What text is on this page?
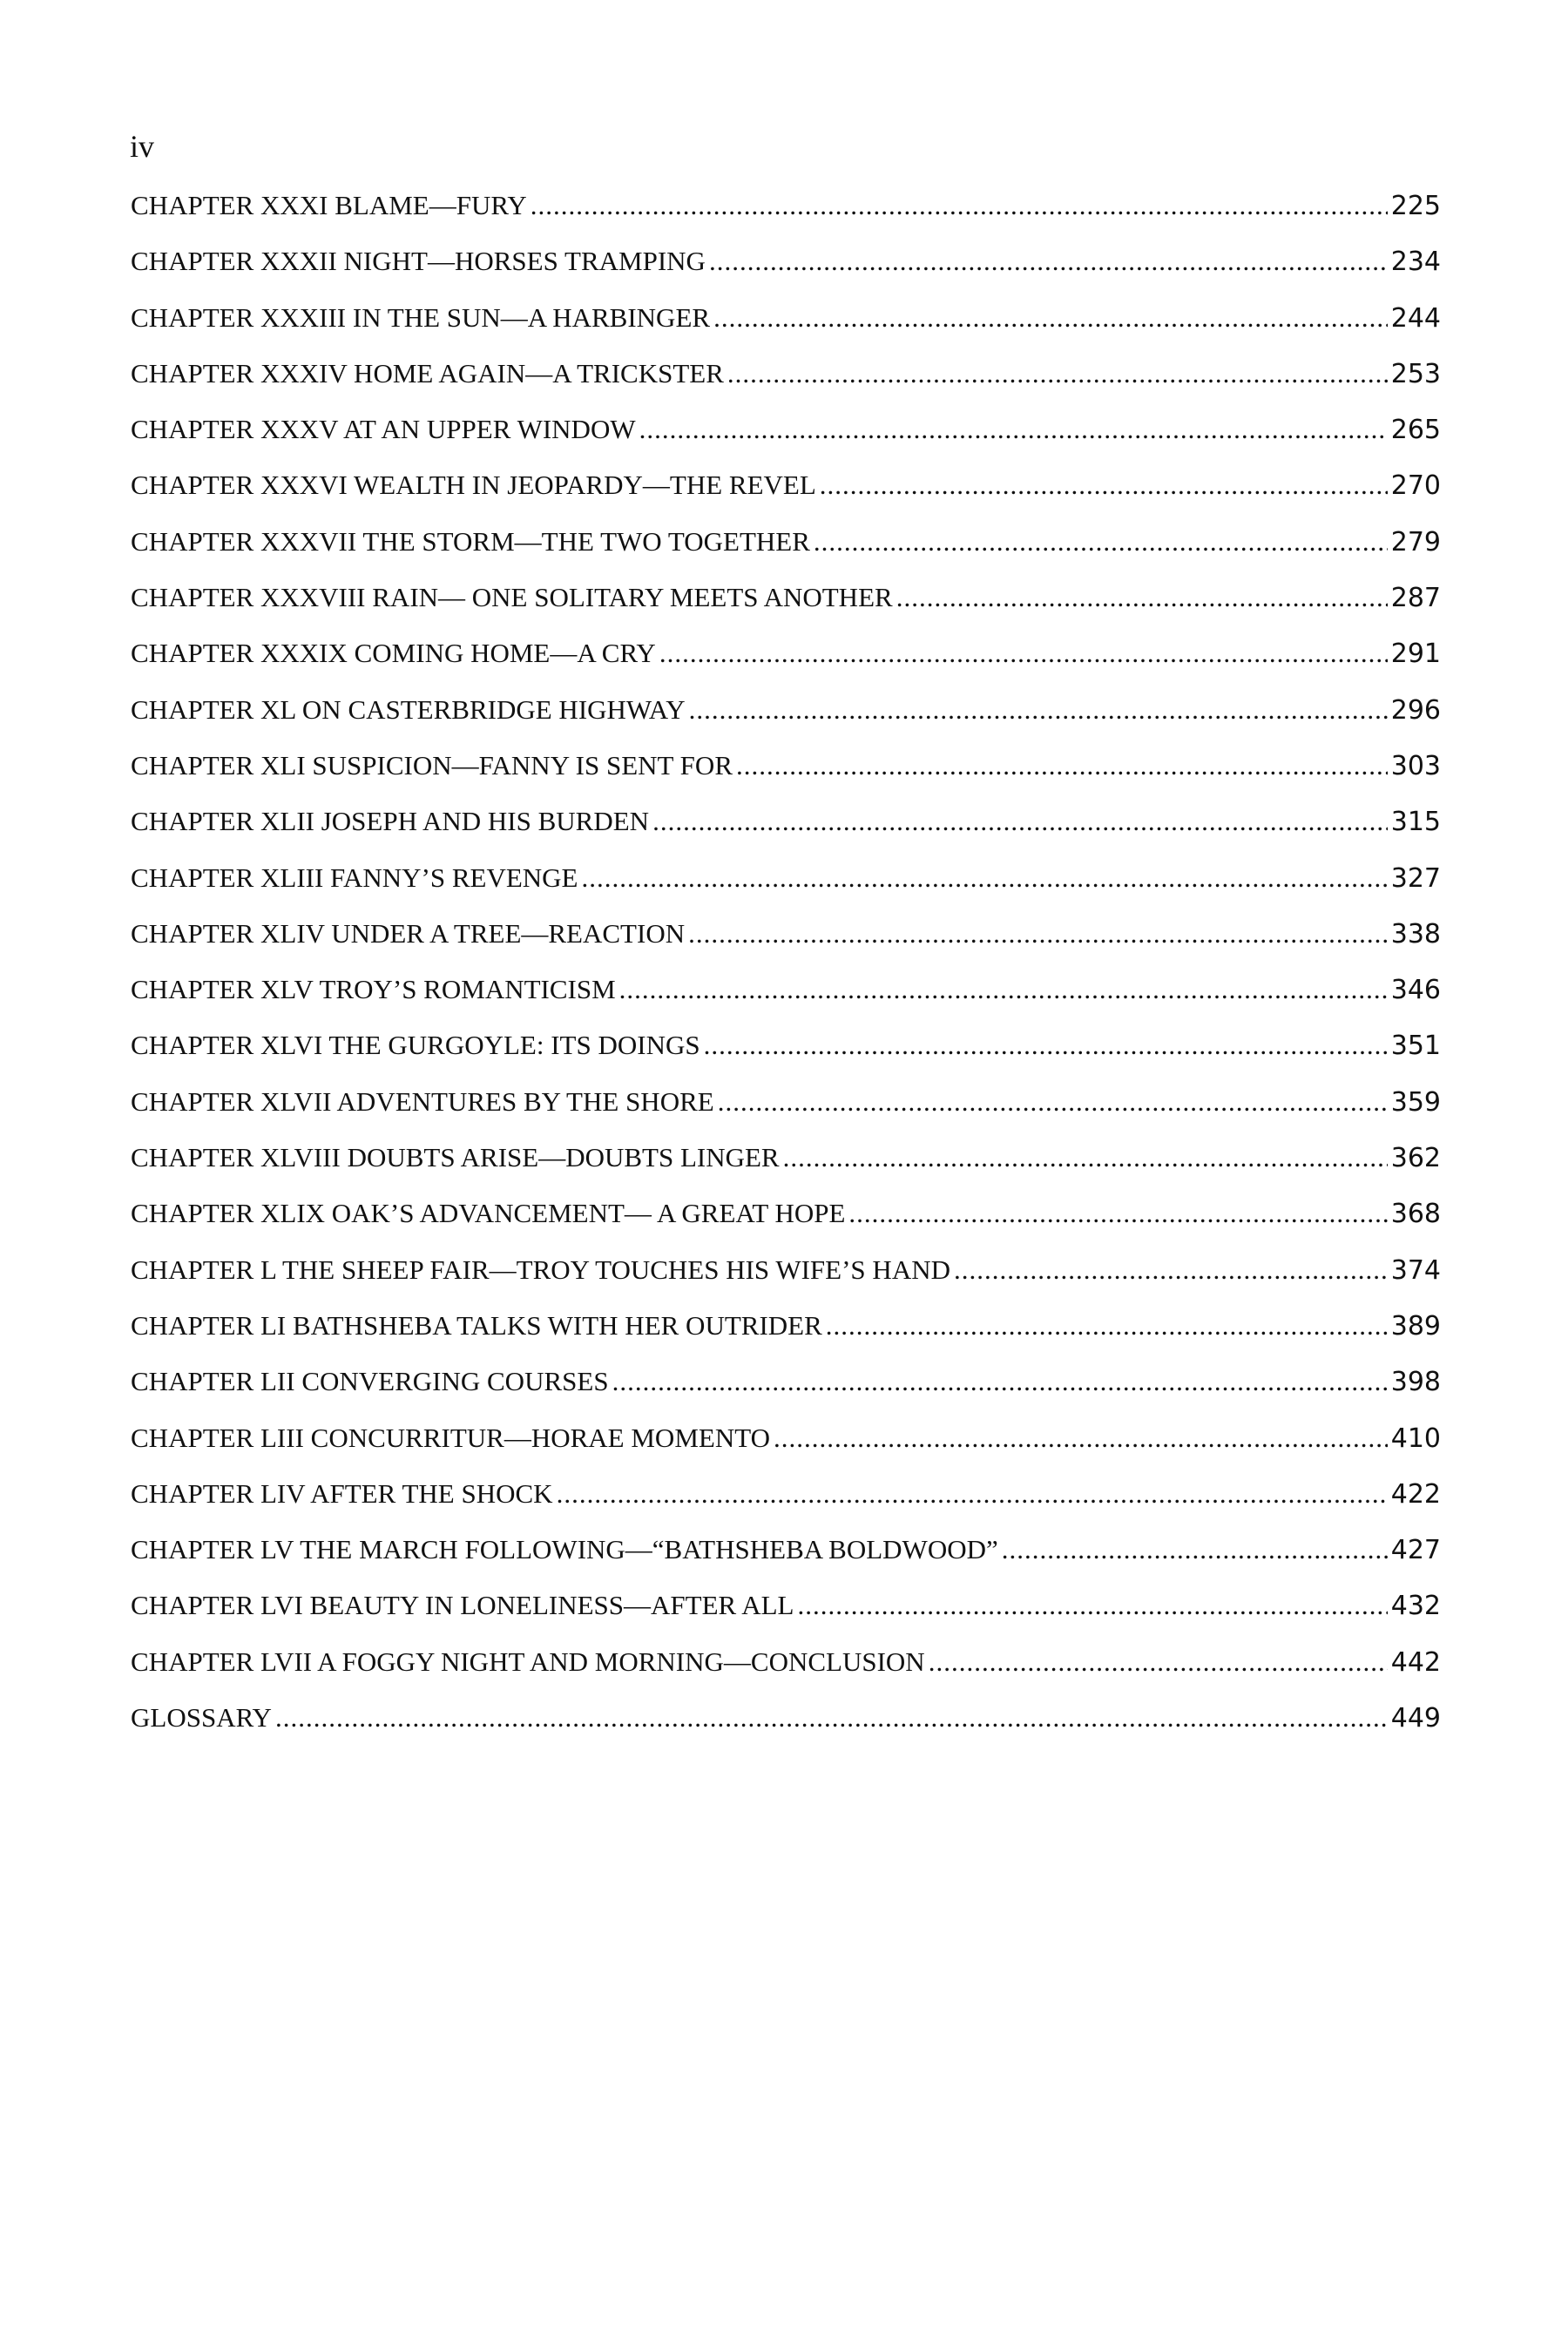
iv
CHAPTER XXXI BLAME—FURY .....	225
CHAPTER XXXII NIGHT—HORSES TRAMPING .....	234
CHAPTER XXXIII IN THE SUN—A HARBINGER .....	244
CHAPTER XXXIV HOME AGAIN—A TRICKSTER .....	253
CHAPTER XXXV AT AN UPPER WINDOW .....	265
CHAPTER XXXVI WEALTH IN JEOPARDY—THE REVEL .....	270
CHAPTER XXXVII THE STORM—THE TWO TOGETHER .....	279
CHAPTER XXXVIII RAIN— ONE SOLITARY MEETS ANOTHER .....	287
CHAPTER XXXIX COMING HOME—A CRY .....	291
CHAPTER XL ON CASTERBRIDGE HIGHWAY .....	296
CHAPTER XLI SUSPICION—FANNY IS SENT FOR .....	303
CHAPTER XLII JOSEPH AND HIS BURDEN .....	315
CHAPTER XLIII FANNY’S REVENGE .....	327
CHAPTER XLIV UNDER A TREE—REACTION .....	338
CHAPTER XLV TROY’S ROMANTICISM .....	346
CHAPTER XLVI THE GURGOYLE: ITS DOINGS .....	351
CHAPTER XLVII ADVENTURES BY THE SHORE .....	359
CHAPTER XLVIII DOUBTS ARISE—DOUBTS LINGER .....	362
CHAPTER XLIX OAK’S ADVANCEMENT— A GREAT HOPE .....	368
CHAPTER L THE SHEEP FAIR—TROY TOUCHES HIS WIFE’S HAND .....	374
CHAPTER LI BATHSHEBA TALKS WITH HER OUTRIDER .....	389
CHAPTER LII CONVERGING COURSES .....	398
CHAPTER LIII CONCURRITUR—HORAE MOMENTO .....	410
CHAPTER LIV AFTER THE SHOCK .....	422
CHAPTER LV THE MARCH FOLLOWING—“BATHSHEBA BOLDWOOD” .....	427
CHAPTER LVI BEAUTY IN LONELINESS—AFTER ALL .....	432
CHAPTER LVII A FOGGY NIGHT AND MORNING—CONCLUSION .....	442
GLOSSARY .....	449
